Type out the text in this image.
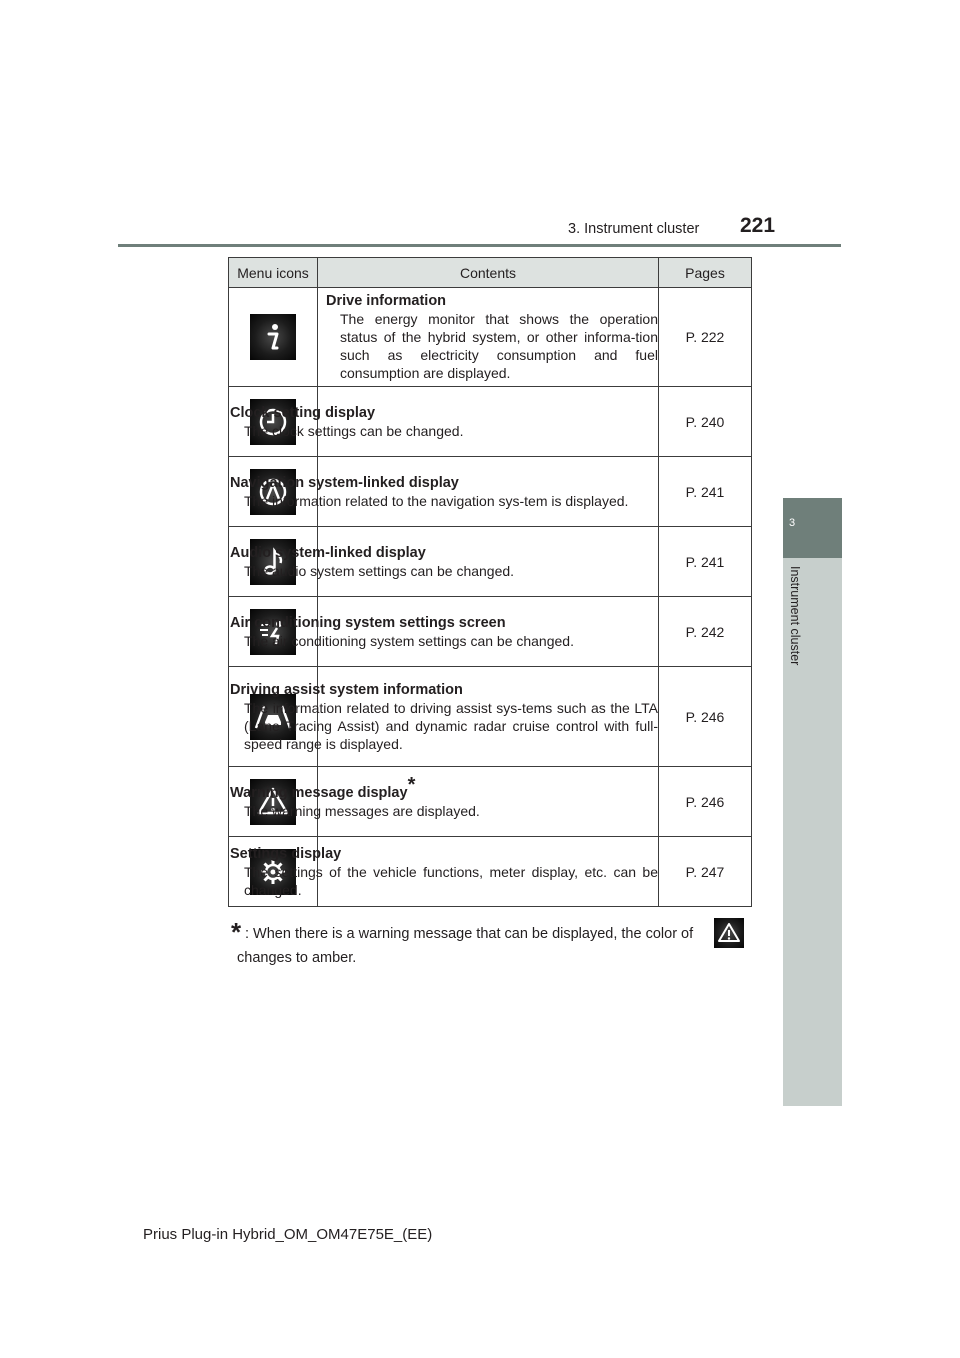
3. Instrument cluster 221
3
Instrument cluster
Menu icons	Contents	Pages

Drive information
The energy monitor that shows the operation status of the hybrid system, or other informa-tion such as electricity consumption and fuel consumption are displayed.	P. 222

Clock setting display
The clock settings can be changed.	P. 240

Navigation system-linked display
The information related to the navigation sys-tem is displayed.	P. 241

Audio system-linked display
The audio system settings can be changed.	P. 241

Air conditioning system settings screen
The air conditioning system settings can be changed.	P. 242

Driving assist system information
The information related to driving assist sys-tems such as the LTA (Lane Tracing Assist) and dynamic radar cruise control with full-speed range is displayed.	P. 246

Warning message display*
The warning messages are displayed.	P. 246

Settings display
The settings of the vehicle functions, meter display, etc. can be changed.	P. 247
* : When there is a warning message that can be displayed, the color of
changes to amber.
Prius Plug-in Hybrid_OM_OM47E75E_(EE)
